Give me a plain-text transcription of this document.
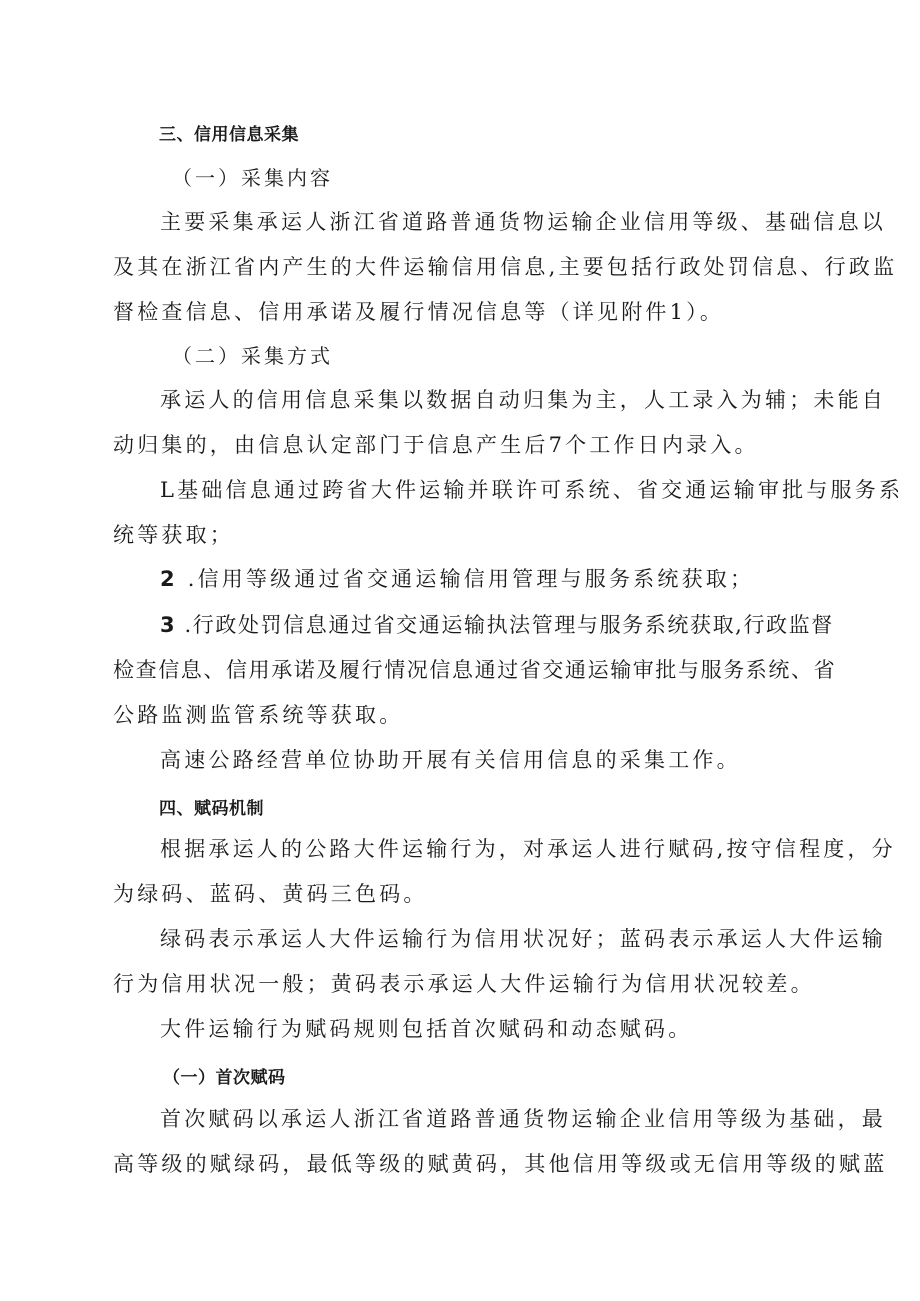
三、信用信息采集
（一）采集内容
主要采集承运人浙江省道路普通货物运输企业信用等级、基础信息以
及其在浙江省内产生的大件运输信用信息,主要包括行政处罚信息、行政监
督检查信息、信用承诺及履行情况信息等（详见附件1）。
（二）采集方式
承运人的信用信息采集以数据自动归集为主，人工录入为辅；未能自
动归集的，由信息认定部门于信息产生后7个工作日内录入。
L基础信息通过跨省大件运输并联许可系统、省交通运输审批与服务系
统等获取；
2 .信用等级通过省交通运输信用管理与服务系统获取；
3 .行政处罚信息通过省交通运输执法管理与服务系统获取,行政监督
检查信息、信用承诺及履行情况信息通过省交通运输审批与服务系统、省
公路监测监管系统等获取。
高速公路经营单位协助开展有关信用信息的采集工作。
四、赋码机制
根据承运人的公路大件运输行为，对承运人进行赋码,按守信程度，分
为绿码、蓝码、黄码三色码。
绿码表示承运人大件运输行为信用状况好；蓝码表示承运人大件运输
行为信用状况一般；黄码表示承运人大件运输行为信用状况较差。
大件运输行为赋码规则包括首次赋码和动态赋码。
（一）首次赋码
首次赋码以承运人浙江省道路普通货物运输企业信用等级为基础，最
高等级的赋绿码，最低等级的赋黄码，其他信用等级或无信用等级的赋蓝
